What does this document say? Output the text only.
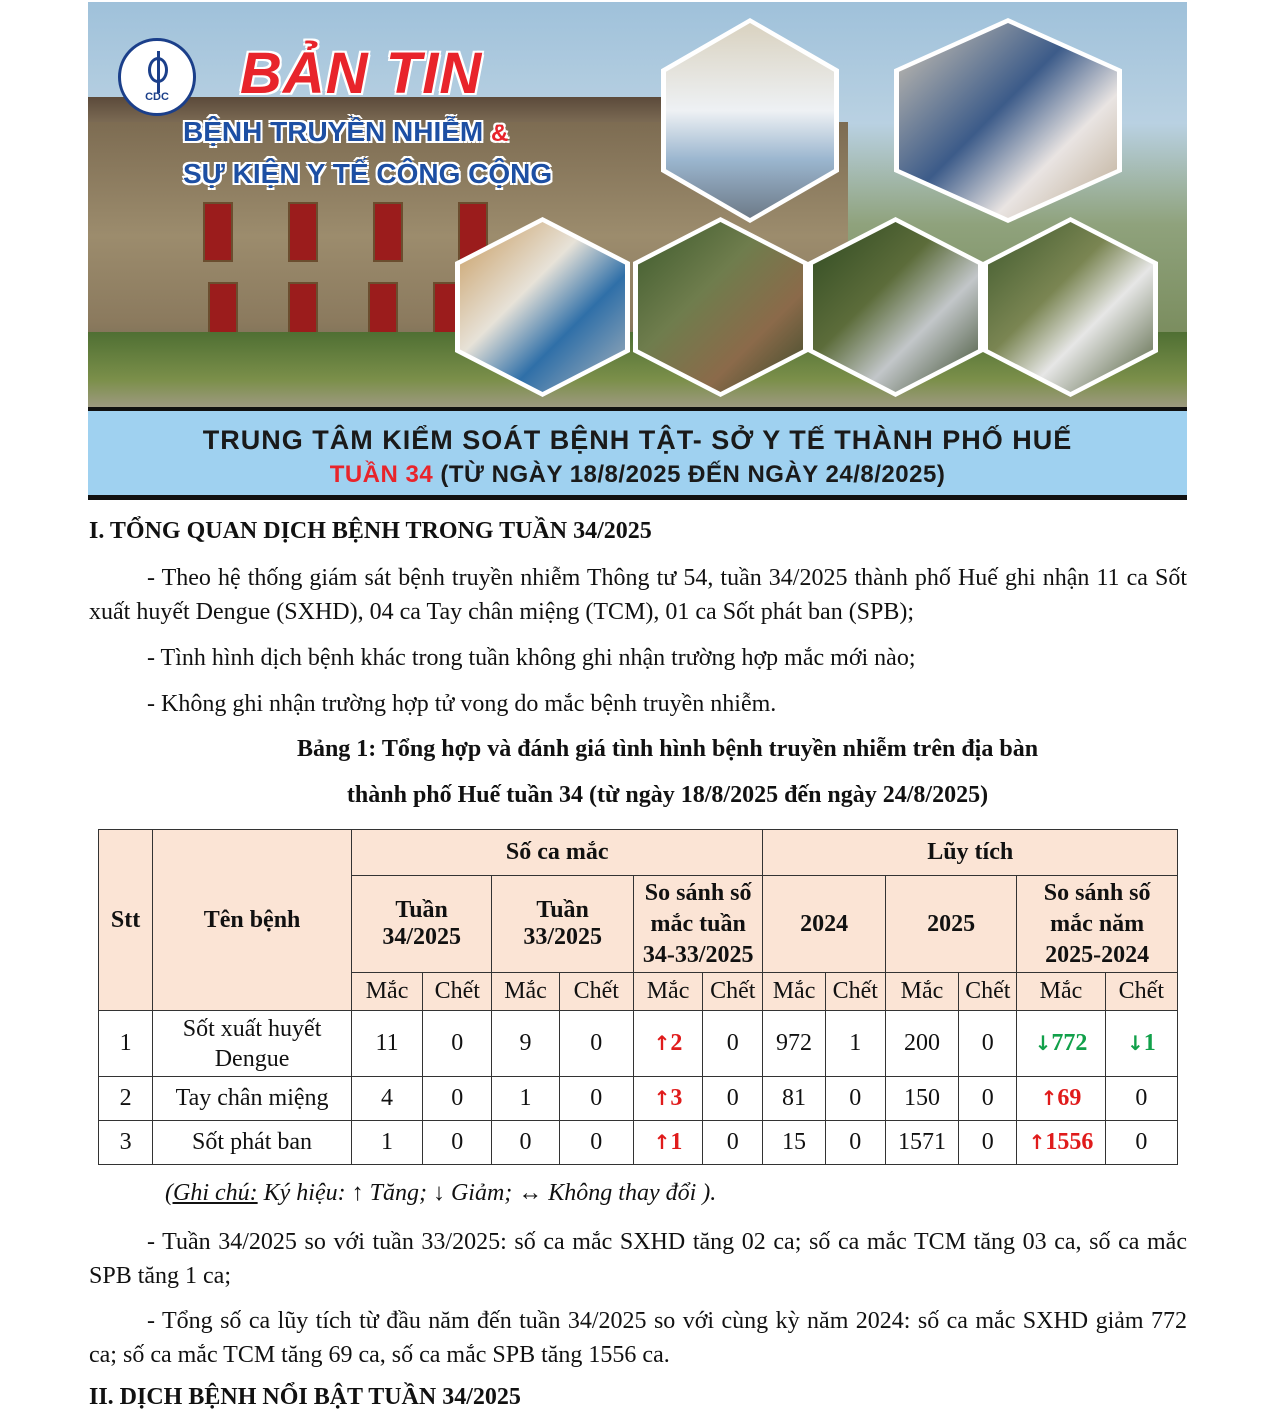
CDC	BẢN TIN
BỆNH TRUYỀN NHIỄM &
SỰ KIỆN Y TẾ CÔNG CỘNG
TRUNG TÂM KIỂM SOÁT BỆNH TẬT- SỞ Y TẾ THÀNH PHỐ HUẾ
TUẦN 34 (TỪ NGÀY 18/8/2025 ĐẾN NGÀY 24/8/2025)
I. TỔNG QUAN DỊCH BỆNH TRONG TUẦN 34/2025
- Theo hệ thống giám sát bệnh truyền nhiễm Thông tư 54, tuần 34/2025 thành phố Huế ghi nhận 11 ca Sốt xuất huyết Dengue (SXHD), 04 ca Tay chân miệng (TCM), 01 ca Sốt phát ban (SPB);
- Tình hình dịch bệnh khác trong tuần không ghi nhận trường hợp mắc mới nào;
- Không ghi nhận trường hợp tử vong do mắc bệnh truyền nhiễm.
Bảng 1: Tổng hợp và đánh giá tình hình bệnh truyền nhiễm trên địa bàn
thành phố Huế tuần 34 (từ ngày 18/8/2025 đến ngày 24/8/2025)
Stt	Tên bệnh	Số ca mắc						Lũy tích					
		Tuần 34/2025		Tuần 33/2025		So sánh số mắc tuần 34-33/2025		2024		2025		So sánh số mắc năm 2025-2024	
		Mắc	Chết	Mắc	Chết	Mắc	Chết	Mắc	Chết	Mắc	Chết	Mắc	Chết
1	Sốt xuất huyết Dengue	11	0	9	0	↑2	0	972	1	200	0	↓772	↓1
2	Tay chân miệng	4	0	1	0	↑3	0	81	0	150	0	↑69	0
3	Sốt phát ban	1	0	0	0	↑1	0	15	0	1571	0	↑1556	0
(Ghi chú: Ký hiệu: ↑ Tăng; ↓ Giảm; ↔ Không thay đổi ).
- Tuần 34/2025 so với tuần 33/2025: số ca mắc SXHD tăng 02 ca; số ca mắc TCM tăng 03 ca, số ca mắc SPB tăng 1 ca;
- Tổng số ca lũy tích từ đầu năm đến tuần 34/2025 so với cùng kỳ năm 2024: số ca mắc SXHD giảm 772 ca; số ca mắc TCM tăng 69 ca, số ca mắc SPB tăng 1556 ca.
II. DỊCH BỆNH NỔI BẬT TUẦN 34/2025
